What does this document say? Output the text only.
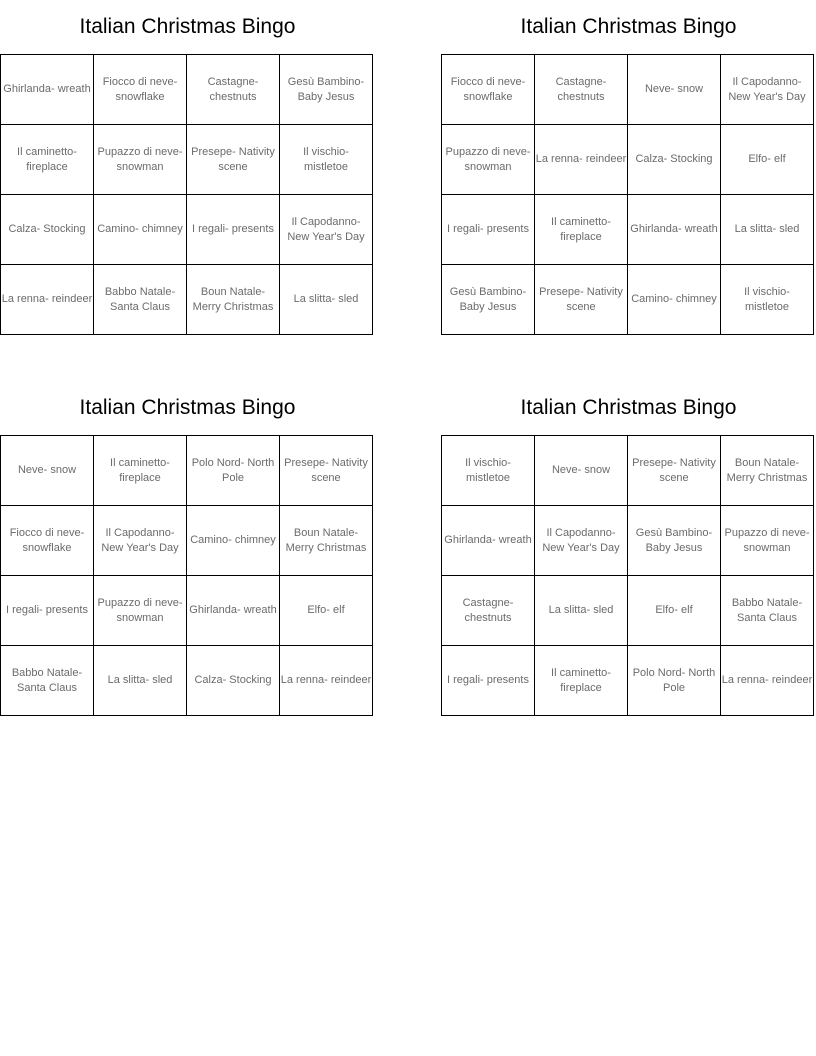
Italian Christmas Bingo
Ghirlanda- wreath	Fiocco di neve-
snowflake	Castagne-
chestnuts	Gesù Bambino-
Baby Jesus
Il caminetto-
fireplace	Pupazzo di neve-
snowman	Presepe- Nativity
scene	Il vischio-
mistletoe
Calza- Stocking	Camino- chimney	I regali- presents	Il Capodanno-
New Year's Day
La renna- reindeer	Babbo Natale-
Santa Claus	Boun Natale-
Merry Christmas	La slitta- sled
Italian Christmas Bingo
Fiocco di neve-
snowflake	Castagne-
chestnuts	Neve- snow	Il Capodanno-
New Year's Day
Pupazzo di neve-
snowman	La renna- reindeer	Calza- Stocking	Elfo- elf
I regali- presents	Il caminetto-
fireplace	Ghirlanda- wreath	La slitta- sled
Gesù Bambino-
Baby Jesus	Presepe- Nativity
scene	Camino- chimney	Il vischio-
mistletoe
Italian Christmas Bingo
Neve- snow	Il caminetto-
fireplace	Polo Nord- North
Pole	Presepe- Nativity
scene
Fiocco di neve-
snowflake	Il Capodanno-
New Year's Day	Camino- chimney	Boun Natale-
Merry Christmas
I regali- presents	Pupazzo di neve-
snowman	Ghirlanda- wreath	Elfo- elf
Babbo Natale-
Santa Claus	La slitta- sled	Calza- Stocking	La renna- reindeer
Italian Christmas Bingo
Il vischio-
mistletoe	Neve- snow	Presepe- Nativity
scene	Boun Natale-
Merry Christmas
Ghirlanda- wreath	Il Capodanno-
New Year's Day	Gesù Bambino-
Baby Jesus	Pupazzo di neve-
snowman
Castagne-
chestnuts	La slitta- sled	Elfo- elf	Babbo Natale-
Santa Claus
I regali- presents	Il caminetto-
fireplace	Polo Nord- North
Pole	La renna- reindeer
